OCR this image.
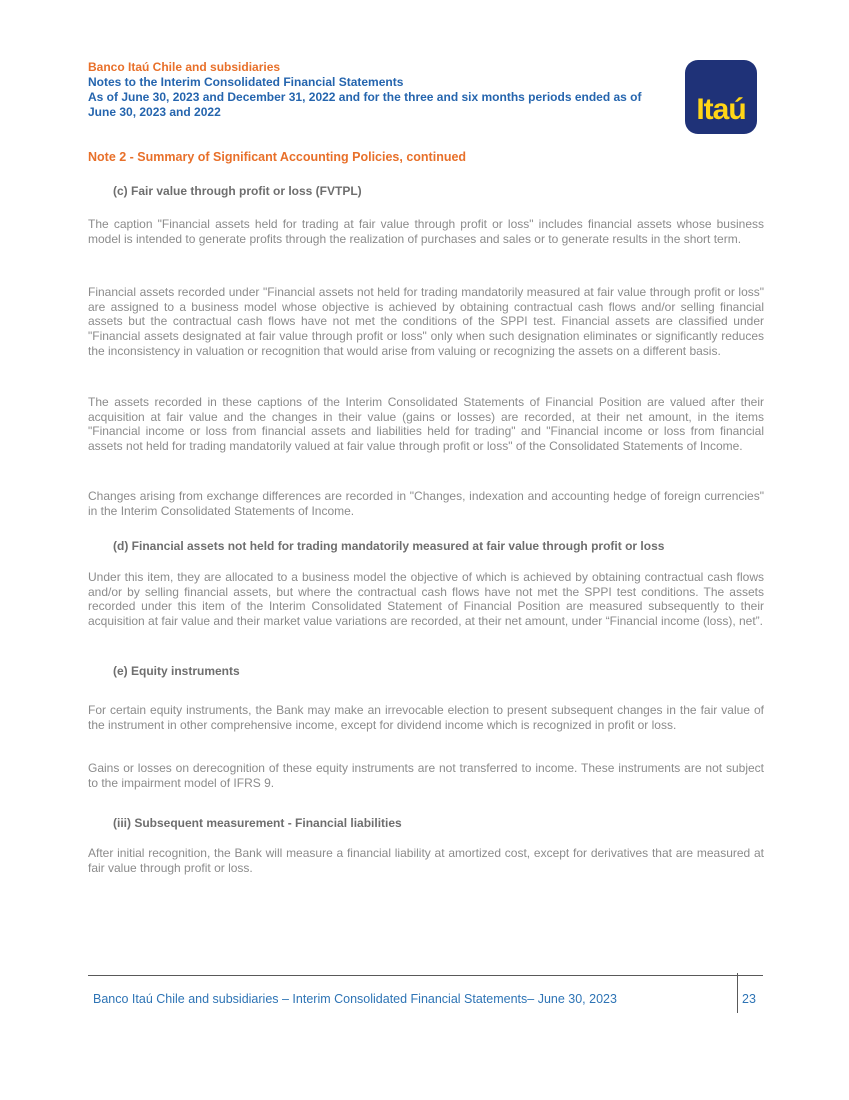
Banco Itaú Chile and subsidiaries
Notes to the Interim Consolidated Financial Statements
As of June 30, 2023 and December 31, 2022 and for the three and six months periods ended as of
June 30, 2023 and 2022	Itaú
Note 2 - Summary of Significant Accounting Policies, continued
(c) Fair value through profit or loss (FVTPL)

The caption "Financial assets held for trading at fair value through profit or loss" includes financial assets whose business model is intended to generate profits through the realization of purchases and sales or to generate results in the short term.

Financial assets recorded under "Financial assets not held for trading mandatorily measured at fair value through profit or loss" are assigned to a business model whose objective is achieved by obtaining contractual cash flows and/or selling financial assets but the contractual cash flows have not met the conditions of the SPPI test. Financial assets are classified under "Financial assets designated at fair value through profit or loss" only when such designation eliminates or significantly reduces the inconsistency in valuation or recognition that would arise from valuing or recognizing the assets on a different basis.

The assets recorded in these captions of the Interim Consolidated Statements of Financial Position are valued after their acquisition at fair value and the changes in their value (gains or losses) are recorded, at their net amount, in the items "Financial income or loss from financial assets and liabilities held for trading" and "Financial income or loss from financial assets not held for trading mandatorily valued at fair value through profit or loss" of the Consolidated Statements of Income.

Changes arising from exchange differences are recorded in "Changes, indexation and accounting hedge of foreign currencies" in the Interim Consolidated Statements of Income.

(d) Financial assets not held for trading mandatorily measured at fair value through profit or loss

Under this item, they are allocated to a business model the objective of which is achieved by obtaining contractual cash flows and/or by selling financial assets, but where the contractual cash flows have not met the SPPI test conditions. The assets recorded under this item of the Interim Consolidated Statement of Financial Position are measured subsequently to their acquisition at fair value and their market value variations are recorded, at their net amount, under “Financial income (loss), net”.

(e) Equity instruments

For certain equity instruments, the Bank may make an irrevocable election to present subsequent changes in the fair value of the instrument in other comprehensive income, except for dividend income which is recognized in profit or loss.

Gains or losses on derecognition of these equity instruments are not transferred to income. These instruments are not subject to the impairment model of IFRS 9.

(iii) Subsequent measurement - Financial liabilities

After initial recognition, the Bank will measure a financial liability at amortized cost, except for derivatives that are measured at fair value through profit or loss.

Banco Itaú Chile and subsidiaries – Interim Consolidated Financial Statements– June 30, 2023	23
